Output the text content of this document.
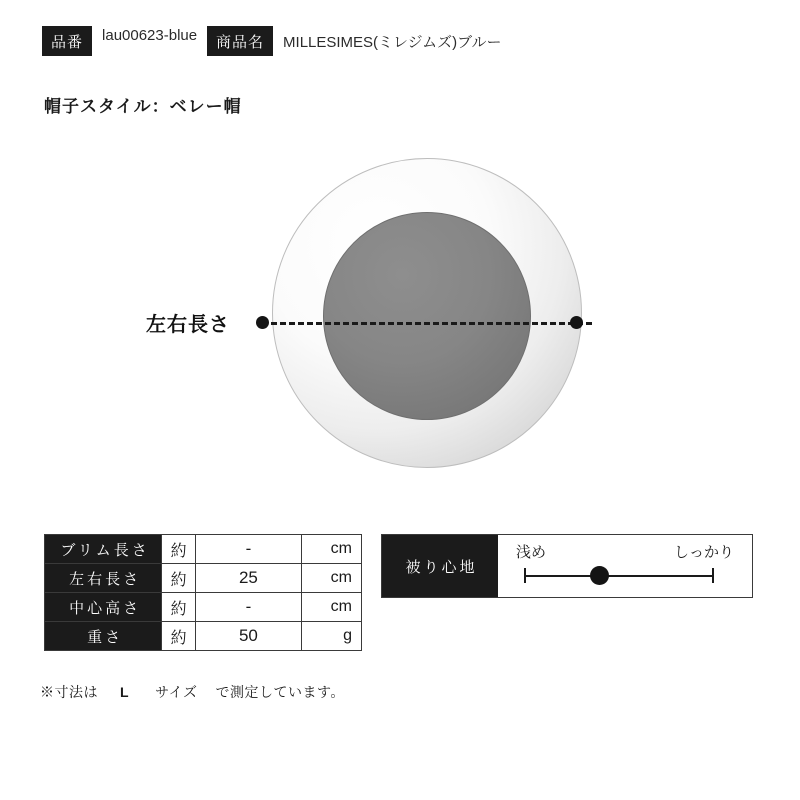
品番	lau00623-blue	商品名	MILLESIMES(ミレジムズ)ブルー
帽子スタイル：ベレー帽
左右長さ
ブリム長さ	約	-	cm
左右長さ	約	25	cm
中心高さ	約	-	cm
重さ	約	50	g
※寸法は L サイズ で測定しています。
被り心地
浅め	しっかり
